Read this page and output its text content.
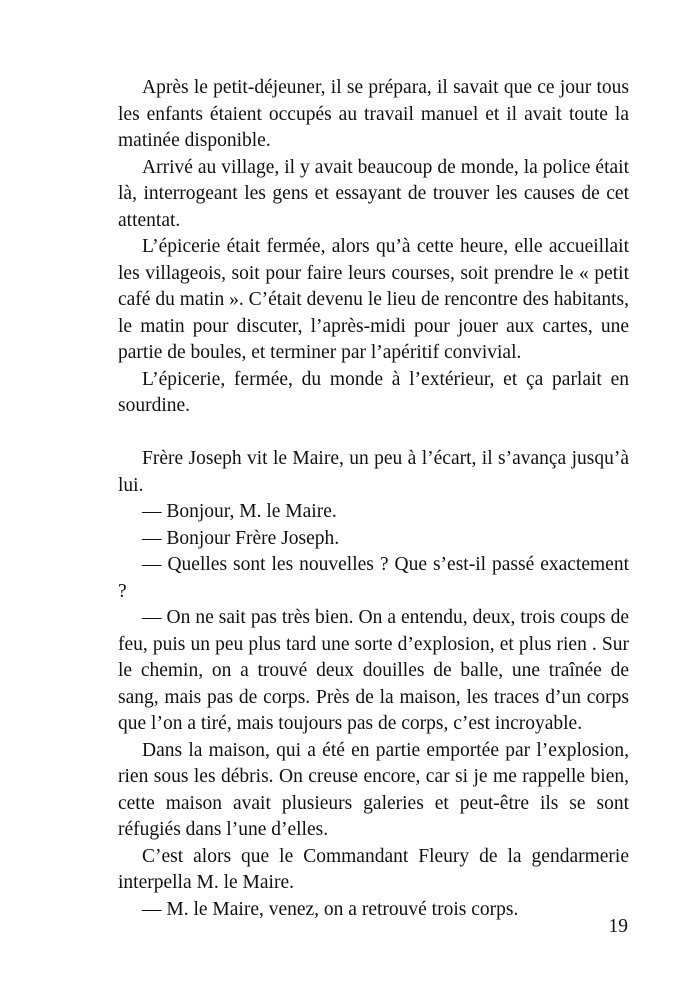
Après le petit-déjeuner, il se prépara, il savait que ce jour tous les enfants étaient occupés au travail manuel et il avait toute la matinée disponible.

Arrivé au village, il y avait beaucoup de monde, la police était là, interrogeant les gens et essayant de trouver les causes de cet attentat.

L’épicerie était fermée, alors qu’à cette heure, elle accueillait les villageois, soit pour faire leurs courses, soit prendre le « petit café du matin ». C’était devenu le lieu de rencontre des habitants, le matin pour discuter, l’après-midi pour jouer aux cartes, une partie de boules, et terminer par l’apéritif convivial.

L’épicerie, fermée, du monde à l’extérieur, et ça parlait en sourdine.

Frère Joseph vit le Maire, un peu à l’écart, il s’avança jusqu’à lui.

— Bonjour, M. le Maire.

— Bonjour Frère Joseph.

— Quelles sont les nouvelles ? Que s’est-il passé exactement ?

— On ne sait pas très bien. On a entendu, deux, trois coups de feu, puis un peu plus tard une sorte d’explosion, et plus rien . Sur le chemin, on a trouvé deux douilles de balle, une traînée de sang, mais pas de corps. Près de la maison, les traces d’un corps que l’on a tiré, mais toujours pas de corps, c’est incroyable.

Dans la maison, qui a été en partie emportée par l’explosion, rien sous les débris. On creuse encore, car si je me rappelle bien, cette maison avait plusieurs galeries et peut-être ils se sont réfugiés dans l’une d’elles.

C’est alors que le Commandant Fleury de la gendarmerie interpella M. le Maire.

— M. le Maire, venez, on a retrouvé trois corps.

19
